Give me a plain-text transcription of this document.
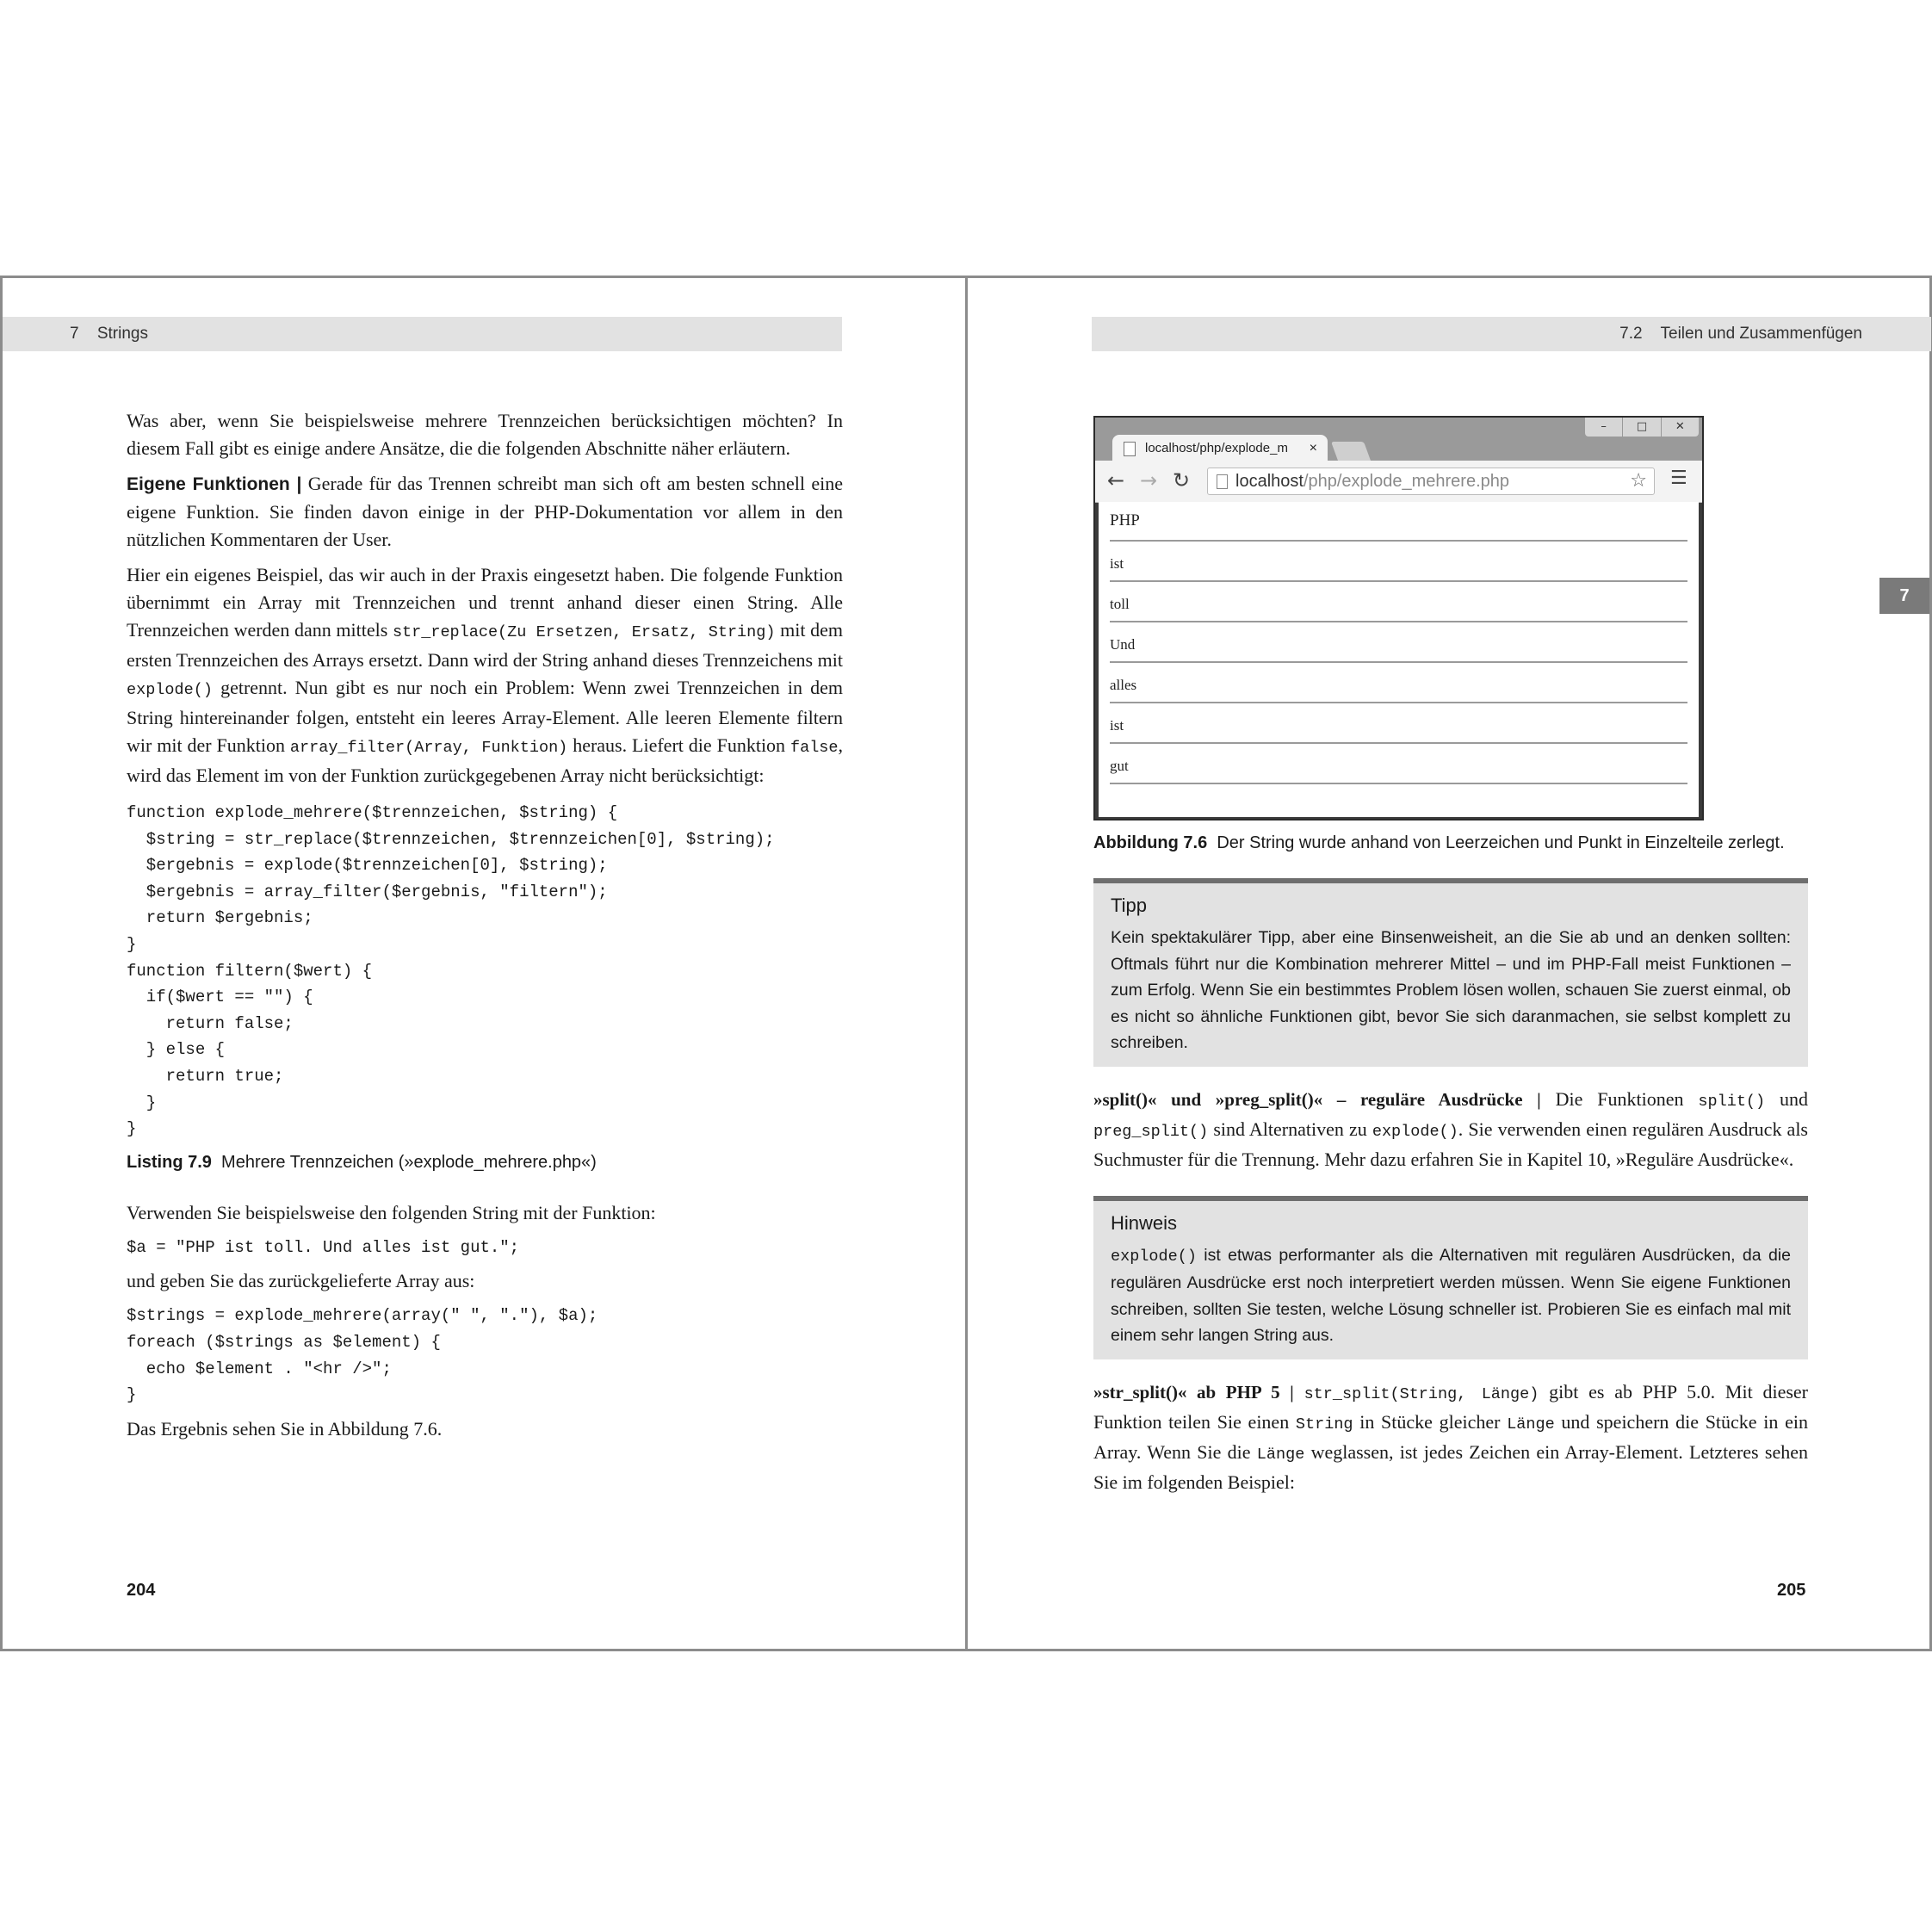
7 Strings

Was aber, wenn Sie beispielsweise mehrere Trennzeichen berücksichtigen möchten? In diesem Fall gibt es einige andere Ansätze, die die folgenden Abschnitte näher erläutern.

Eigene Funktionen | Gerade für das Trennen schreibt man sich oft am besten schnell eine eigene Funktion. Sie finden davon einige in der PHP-Dokumentation vor allem in den nützlichen Kommentaren der User.

Hier ein eigenes Beispiel, das wir auch in der Praxis eingesetzt haben. Die folgende Funktion übernimmt ein Array mit Trennzeichen und trennt anhand dieser einen String. Alle Trennzeichen werden dann mittels str_replace(Zu Ersetzen, Ersatz, String) mit dem ersten Trennzeichen des Arrays ersetzt. Dann wird der String anhand dieses Trennzeichens mit explode() getrennt. Nun gibt es nur noch ein Problem: Wenn zwei Trennzeichen in dem String hintereinander folgen, entsteht ein leeres Array-Element. Alle leeren Elemente filtern wir mit der Funktion array_filter(Array, Funktion) heraus. Liefert die Funktion false, wird das Element im von der Funktion zurückgegebenen Array nicht berücksichtigt:

function explode_mehrere($trennzeichen, $string) {
$string = str_replace($trennzeichen, $trennzeichen[0], $string);
$ergebnis = explode($trennzeichen[0], $string);
$ergebnis = array_filter($ergebnis, "filtern");
return $ergebnis;
}
function filtern($wert) {
if($wert == "") {
return false;
} else {
return true;
}
}

Listing 7.9 Mehrere Trennzeichen (»explode_mehrere.php«)

Verwenden Sie beispielsweise den folgenden String mit der Funktion:

$a = "PHP ist toll. Und alles ist gut.";

und geben Sie das zurückgelieferte Array aus:

$strings = explode_mehrere(array(" ", "."), $a);
foreach ($strings as $element) {
echo $element . "<hr />";
}

Das Ergebnis sehen Sie in Abbildung 7.6.

204
7.2 Teilen und Zusammenfügen
7
–	□	✕
localhost/php/explode_m ×
← → ↻	localhost/php/explode_mehrere.php	☆ ☰
PHP
ist
toll
Und
alles
ist
gut

Abbildung 7.6 Der String wurde anhand von Leerzeichen und Punkt in Einzelteile zerlegt.

Tipp
Kein spektakulärer Tipp, aber eine Binsenweisheit, an die Sie ab und an denken sollten: Oftmals führt nur die Kombination mehrerer Mittel – und im PHP-Fall meist Funktionen – zum Erfolg. Wenn Sie ein bestimmtes Problem lösen wollen, schauen Sie zuerst einmal, ob es nicht so ähnliche Funktionen gibt, bevor Sie sich daranmachen, sie selbst komplett zu schreiben.

»split()« und »preg_split()« – reguläre Ausdrücke | Die Funktionen split() und preg_split() sind Alternativen zu explode(). Sie verwenden einen regulären Ausdruck als Suchmuster für die Trennung. Mehr dazu erfahren Sie in Kapitel 10, »Reguläre Ausdrücke«.

Hinweis
explode() ist etwas performanter als die Alternativen mit regulären Ausdrücken, da die regulären Ausdrücke erst noch interpretiert werden müssen. Wenn Sie eigene Funktionen schreiben, sollten Sie testen, welche Lösung schneller ist. Probieren Sie es einfach mal mit einem sehr langen String aus.

»str_split()« ab PHP 5 | str_split(String, Länge) gibt es ab PHP 5.0. Mit dieser Funktion teilen Sie einen String in Stücke gleicher Länge und speichern die Stücke in ein Array. Wenn Sie die Länge weglassen, ist jedes Zeichen ein Array-Element. Letzteres sehen Sie im folgenden Beispiel:

205
